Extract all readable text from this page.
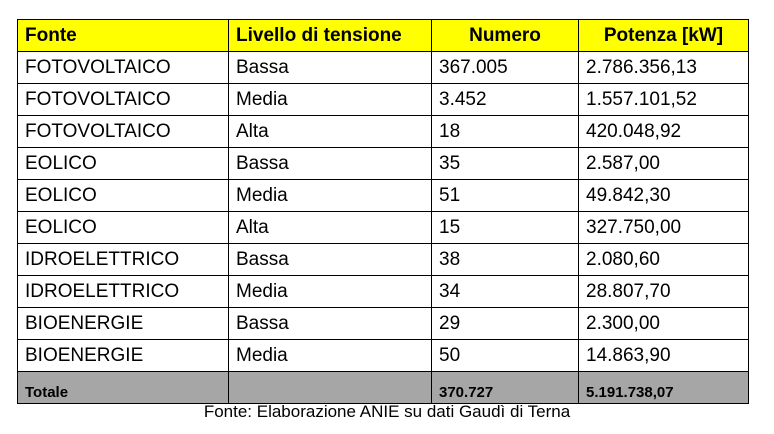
Fonte	Livello di tensione	Numero	Potenza [kW]
FOTOVOLTAICO	Bassa	367.005	2.786.356,13
FOTOVOLTAICO	Media	3.452	1.557.101,52
FOTOVOLTAICO	Alta	18	420.048,92
EOLICO	Bassa	35	2.587,00
EOLICO	Media	51	49.842,30
EOLICO	Alta	15	327.750,00
IDROELETTRICO	Bassa	38	2.080,60
IDROELETTRICO	Media	34	28.807,70
BIOENERGIE	Bassa	29	2.300,00
BIOENERGIE	Media	50	14.863,90
Totale		370.727	5.191.738,07
Fonte: Elaborazione ANIE su dati Gaudì di Terna
